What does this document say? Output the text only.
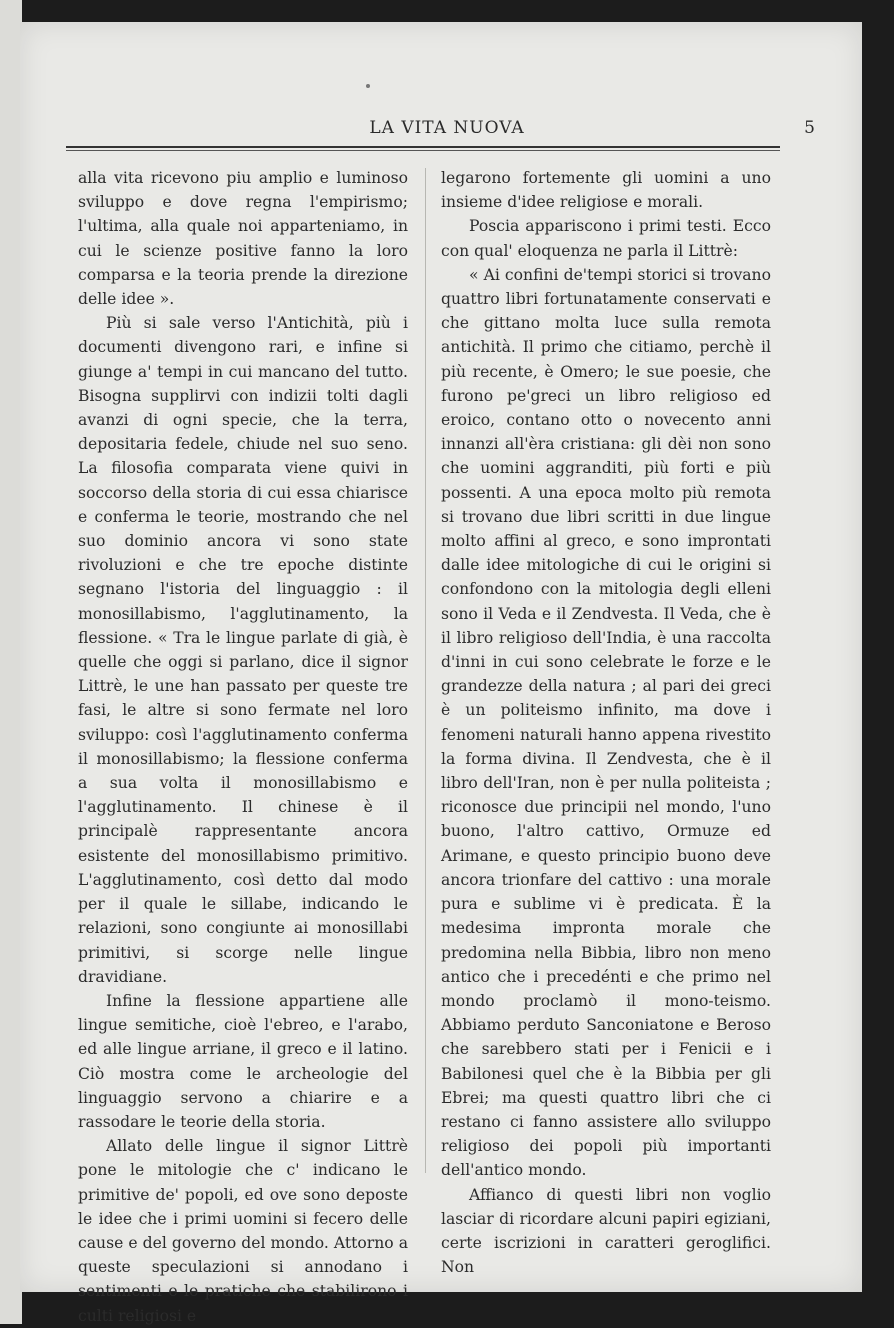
LA VITA NUOVA	5

alla vita ricevono piu amplio e luminoso sviluppo e dove regna l'empirismo; l'ultima, alla quale noi apparteniamo, in cui le scienze positive fanno la loro comparsa e la teoria prende la direzione delle idee ».

Più si sale verso l'Antichità, più i documenti divengono rari, e infine si giunge a' tempi in cui mancano del tutto. Bisogna supplirvi con indizii tolti dagli avanzi di ogni specie, che la terra, depositaria fedele, chiude nel suo seno. La filosofia comparata viene quivi in soccorso della storia di cui essa chiarisce e conferma le teorie, mostrando che nel suo dominio ancora vi sono state rivoluzioni e che tre epoche distinte segnano l'istoria del linguaggio : il monosillabismo, l'agglutinamento, la flessione. « Tra le lingue parlate di già, è quelle che oggi si parlano, dice il signor Littrè, le une han passato per queste tre fasi, le altre si sono fermate nel loro sviluppo: così l'agglutinamento conferma il monosillabismo; la flessione conferma a sua volta il monosillabismo e l'agglutinamento. Il chinese è il principalè rappresentante ancora esistente del monosillabismo primitivo. L'agglutinamento, così detto dal modo per il quale le sillabe, indicando le relazioni, sono congiunte ai monosillabi primitivi, si scorge nelle lingue dravidiane.

Infine la flessione appartiene alle lingue semitiche, cioè l'ebreo, e l'arabo, ed alle lingue arriane, il greco e il latino. Ciò mostra come le archeologie del linguaggio servono a chiarire e a rassodare le teorie della storia.

Allato delle lingue il signor Littrè pone le mitologie che c' indicano le primitive de' popoli, ed ove sono deposte le idee che i primi uomini si fecero delle cause e del governo del mondo. Attorno a queste speculazioni si annodano i sentimenti e le pratiche che stabilirono i culti religiosi e

legarono fortemente gli uomini a uno insieme d'idee religiose e morali.

Poscia appariscono i primi testi. Ecco con qual' eloquenza ne parla il Littrè:

« Ai confini de'tempi storici si trovano quattro libri fortunatamente conservati e che gittano molta luce sulla remota antichità. Il primo che citiamo, perchè il più recente, è Omero; le sue poesie, che furono pe'greci un libro religioso ed eroico, contano otto o novecento anni innanzi all'èra cristiana: gli dèi non sono che uomini aggranditi, più forti e più possenti. A una epoca molto più remota si trovano due libri scritti in due lingue molto affini al greco, e sono improntati dalle idee mitologiche di cui le origini si confondono con la mitologia degli elleni sono il Veda e il Zendvesta. Il Veda, che è il libro religioso dell'India, è una raccolta d'inni in cui sono celebrate le forze e le grandezze della natura ; al pari dei greci è un politeismo infinito, ma dove i fenomeni naturali hanno appena rivestito la forma divina. Il Zendvesta, che è il libro dell'Iran, non è per nulla politeista ; riconosce due principii nel mondo, l'uno buono, l'altro cattivo, Ormuze ed Arimane, e questo principio buono deve ancora trionfare del cattivo : una morale pura e sublime vi è predicata. È la medesima impronta morale che predomina nella Bibbia, libro non meno antico che i precedénti e che primo nel mondo proclamò il mono-teismo. Abbiamo perduto Sanconiatone e Beroso che sarebbero stati per i Fenicii e i Babilonesi quel che è la Bibbia per gli Ebrei; ma questi quattro libri che ci restano ci fanno assistere allo sviluppo religioso dei popoli più importanti dell'antico mondo.

Affianco di questi libri non voglio lasciar di ricordare alcuni papiri egiziani, certe iscrizioni in caratteri geroglifici. Non
